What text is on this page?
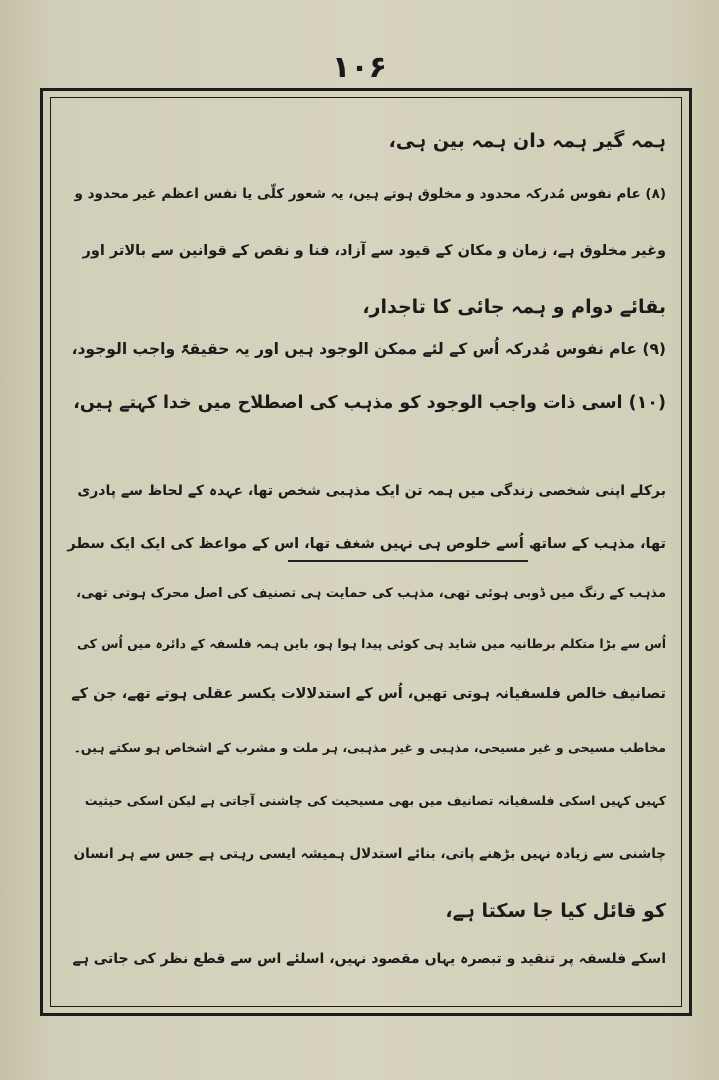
۱۰۶
ہمہ گیر ہمہ دان ہمہ بین ہی،
(۸) عام نفوس مُدرکہ محدود و مخلوق ہوتے ہیں، یہ شعور کلّی یا نفس اعظم غیر محدود و
وغیر مخلوق ہے، زمان و مکان کے قیود سے آزاد، فنا و نقص کے قوانین سے بالاتر اور
بقائے دوام و ہمہ جائی کا تاجدار،
(۹) عام نفوس مُدرکہ اُس کے لئے ممکن الوجود ہیں اور یہ حقیقۃً واجب الوجود،
(۱۰) اسی ذات واجب الوجود کو مذہب کی اصطلاح میں خدا کہتے ہیں،
برکلے اپنی شخصی زندگی میں ہمہ تن ایک مذہبی شخص تھا، عہدہ کے لحاظ سے پادری
تھا، مذہب کے ساتھ اُسے خلوص ہی نہیں شغف تھا، اس کے مواعظ کی ایک ایک سطر
مذہب کے رنگ میں ڈوبی ہوئی تھی، مذہب کی حمایت ہی تصنیف کی اصل محرک ہوتی تھی،
اُس سے بڑا متکلم برطانیہ میں شاید ہی کوئی پیدا ہوا ہو، بایں ہمہ فلسفہ کے دائرہ میں اُس کی
تصانیف خالص فلسفیانہ ہوتی تھیں، اُس کے استدلالات یکسر عقلی ہوتے تھے، جن کے
مخاطب مسیحی و غیر مسیحی، مذہبی و غیر مذہبی، ہر ملت و مشرب کے اشخاص ہو سکتے ہیں۔
کہیں کہیں اسکی فلسفیانہ تصانیف میں بھی مسیحیت کی چاشنی آجاتی ہے لیکن اسکی حیثیت
چاشنی سے زیادہ نہیں بڑھنے پاتی، بنائے استدلال ہمیشہ ایسی رہتی ہے جس سے ہر انسان
کو قائل کیا جا سکتا ہے،
اسکے فلسفہ پر تنقید و تبصرہ یہاں مقصود نہیں، اسلئے اس سے قطع نظر کی جاتی ہے
